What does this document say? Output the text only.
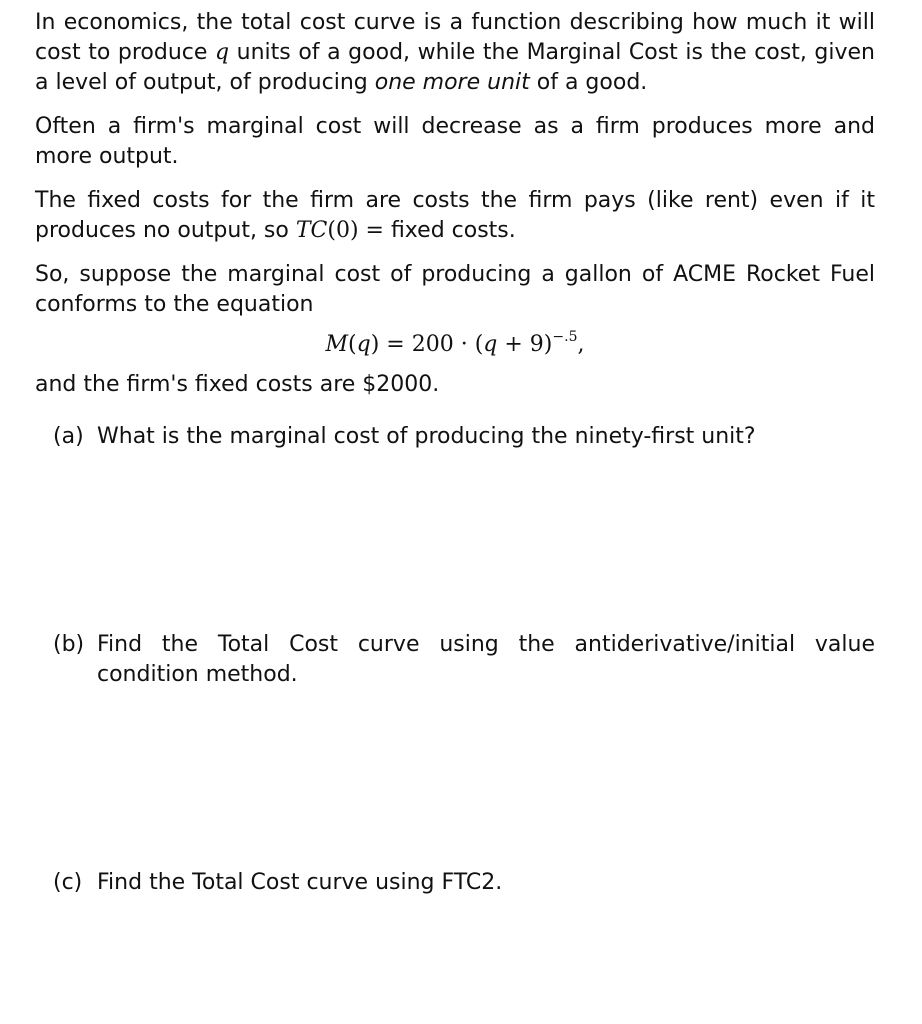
In economics, the total cost curve is a function describing how much it will cost to produce q units of a good, while the Marginal Cost is the cost, given a level of output, of producing one more unit of a good.

Often a firm's marginal cost will decrease as a firm produces more and more output.

The fixed costs for the firm are costs the firm pays (like rent) even if it produces no output, so TC(0) = fixed costs.

So, suppose the marginal cost of producing a gallon of ACME Rocket Fuel conforms to the equation

$M(q) = 200 \cdot (q + 9)^{-.5}$,

and the firm's fixed costs are $2000.

(a) What is the marginal cost of producing the ninety-first unit?
(b) Find the Total Cost curve using the antiderivative/initial value condition method.
(c) Find the Total Cost curve using FTC2.
